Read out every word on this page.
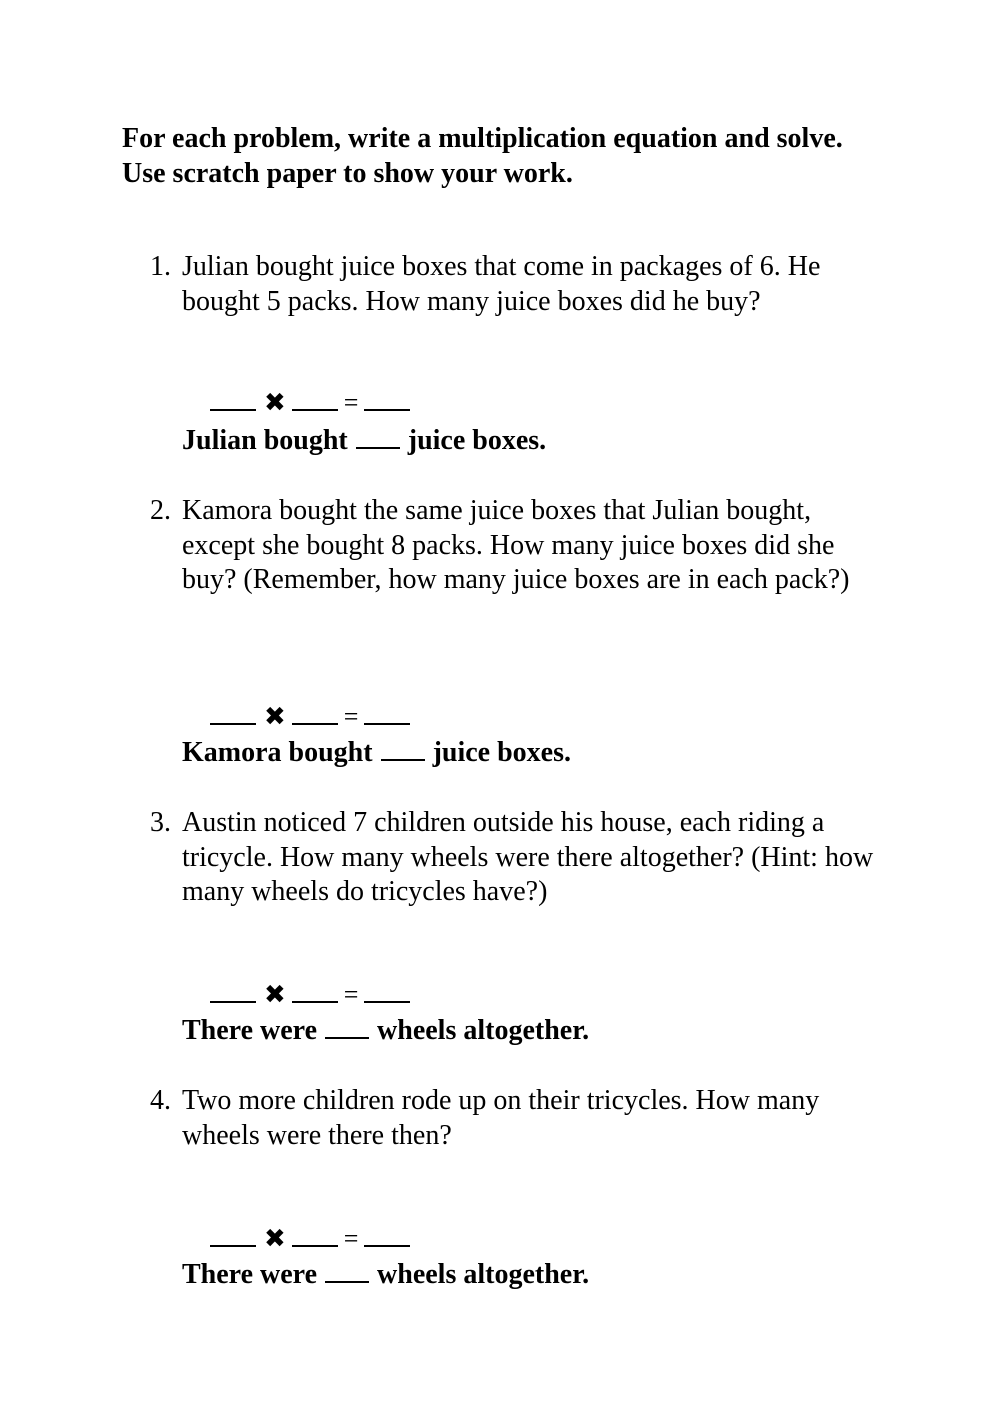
For each problem, write a multiplication equation and solve. Use scratch paper to show your work.
1. Julian bought juice boxes that come in packages of 6. He bought 5 packs. How many juice boxes did he buy?

✖ =

Julian bought juice boxes.
2. Kamora bought the same juice boxes that Julian bought, except she bought 8 packs. How many juice boxes did she buy? (Remember, how many juice boxes are in each pack?)

✖ =

Kamora bought juice boxes.
3. Austin noticed 7 children outside his house, each riding a tricycle. How many wheels were there altogether? (Hint: how many wheels do tricycles have?)

✖ =

There were wheels altogether.
4. Two more children rode up on their tricycles. How many wheels were there then?

✖ =

There were wheels altogether.
